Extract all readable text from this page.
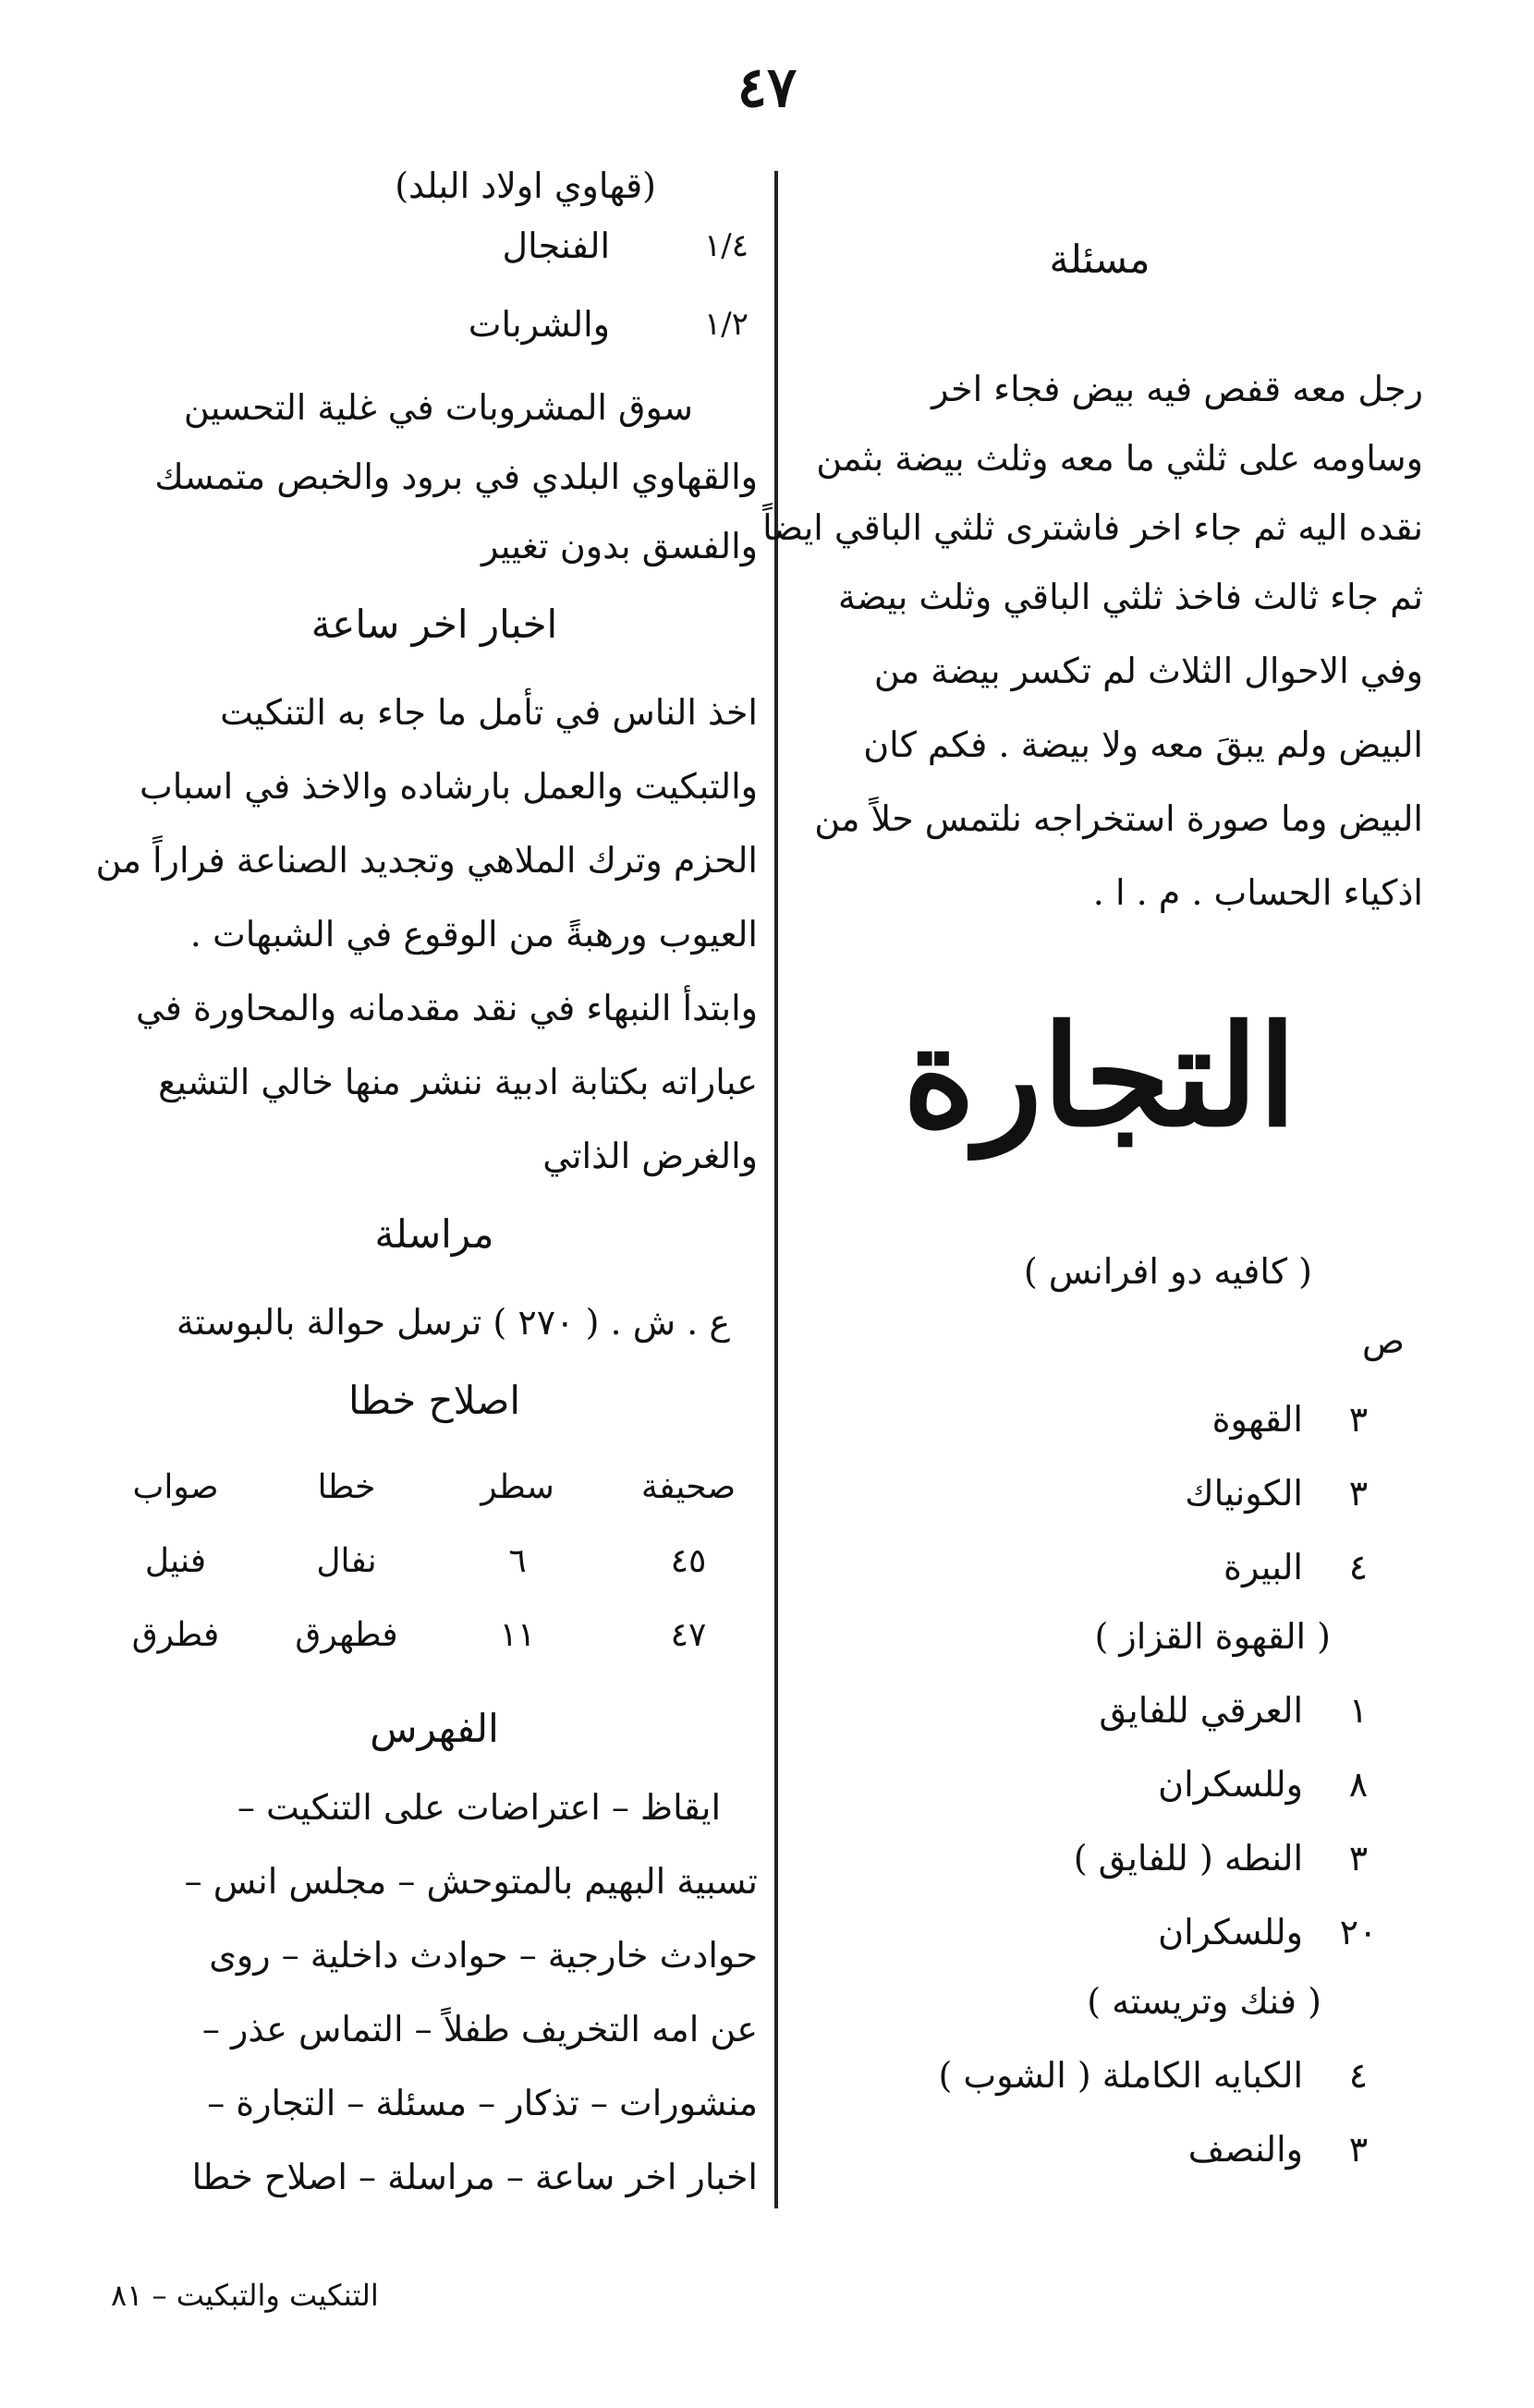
٤٧
مسئلة
رجل معه قفص فيه بيض فجاء اخر
وساومه على ثلثي ما معه وثلث بيضة بثمن
نقده اليه ثم جاء اخر فاشترى ثلثي الباقي ايضاً
ثم جاء ثالث فاخذ ثلثي الباقي وثلث بيضة
وفي الاحوال الثلاث لم تكسر بيضة من
البيض ولم يبقَ معه ولا بيضة . فكم كان
البيض وما صورة استخراجه نلتمس حلاً من
اذكياء الحساب . م . ا .
التجارة
( كافيه دو افرانس )
ص
٣
القهوة
٣
الكونياك
٤
البيرة
( القهوة القزاز )
١
العرقي للفايق
٨
وللسكران
٣
النطه ( للفايق )
٢٠
وللسكران
( فنك وتريسته )
٤
الكبايه الكاملة ( الشوب )
٣
والنصف
(قهاوي اولاد البلد)
١/٤
الفنجال
١/٢
والشربات
سوق المشروبات في غلية التحسين
والقهاوي البلدي في برود والخبص متمسك
والفسق بدون تغيير
اخبار اخر ساعة
اخذ الناس في تأمل ما جاء به التنكيت
والتبكيت والعمل بارشاده والاخذ في اسباب
الحزم وترك الملاهي وتجديد الصناعة فراراً من
العيوب ورهبةً من الوقوع في الشبهات .
وابتدأ النبهاء في نقد مقدمانه والمحاورة في
عباراته بكتابة ادبية ننشر منها خالي التشيع
والغرض الذاتي
مراسلة
ع . ش . ( ٢٧٠ ) ترسل حوالة بالبوستة
اصلاح خطا
صحيفة
سطر
خطا
صواب
٤٥
٦
نفال
فنيل
٤٧
١١
فطهرق
فطرق
الفهرس
ايقاظ – اعتراضات على التنكيت –
تسبية البهيم بالمتوحش – مجلس انس –
حوادث خارجية – حوادث داخلية – روى
عن امه التخريف طفلاً – التماس عذر –
منشورات – تذكار – مسئلة – التجارة –
اخبار اخر ساعة – مراسلة – اصلاح خطا
التنكيت والتبكيت – ٨١
